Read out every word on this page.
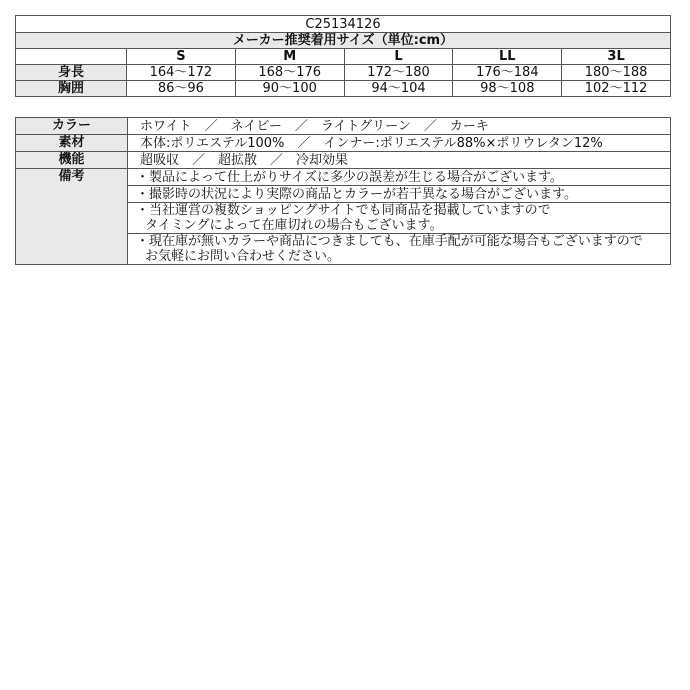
C25134126					
メーカー推奨着用サイズ（単位:cm）					
	S	M	L	LL	3L
身長	164〜172	168〜176	172〜180	176〜184	180〜188
胸囲	86〜96	90〜100	94〜104	98〜108	102〜112
カラー	ホワイト　／　ネイビー　／　ライトグリーン　／　カーキ
素材	本体:ポリエステル100%　／　インナー:ポリエステル88%×ポリウレタン12%
機能	超吸収　／　超拡散　／　冷却効果
備考	・製品によって仕上がりサイズに多少の誤差が生じる場合がございます。

	・撮影時の状況により実際の商品とカラーが若干異なる場合がございます。

	・当社運営の複数ショッピングサイトでも同商品を掲載していますので
タイミングによって在庫切れの場合もございます。

	・現在庫が無いカラーや商品につきましても、在庫手配が可能な場合もございますので
お気軽にお問い合わせください。
